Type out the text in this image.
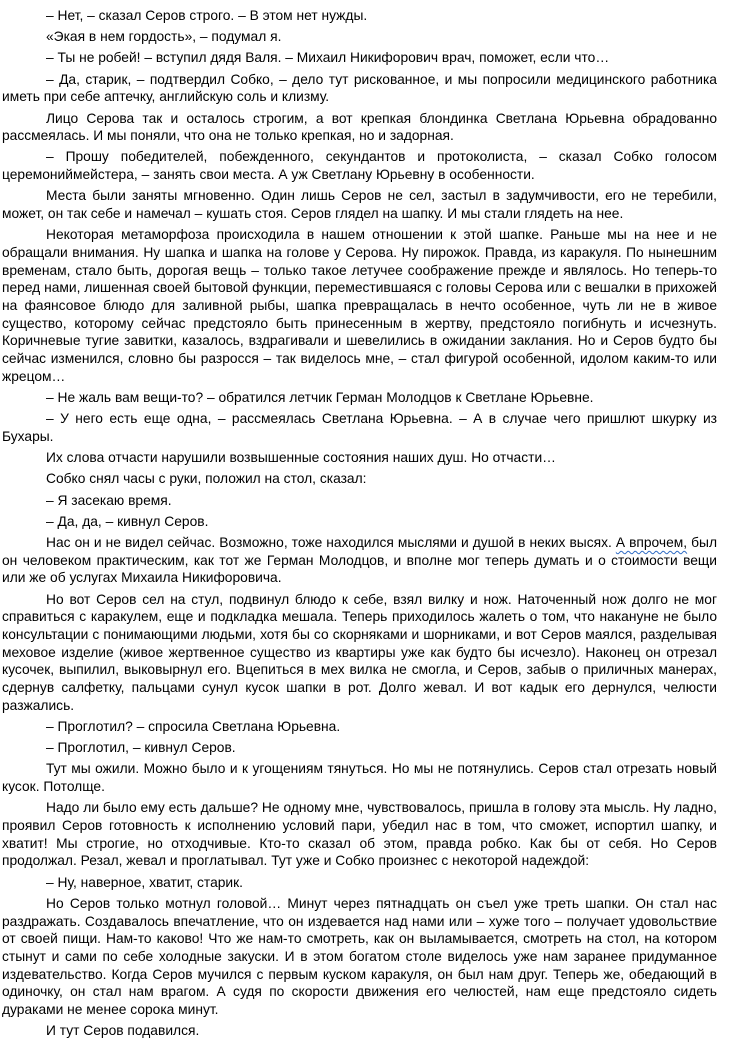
– Нет, – сказал Серов строго. – В этом нет нужды.

«Экая в нем гордость», – подумал я.

– Ты не робей! – вступил дядя Валя. – Михаил Никифорович врач, поможет, если что…

– Да, старик, – подтвердил Собко, – дело тут рискованное, и мы попросили медицинского работника иметь при себе аптечку, английскую соль и клизму.

Лицо Серова так и осталось строгим, а вот крепкая блондинка Светлана Юрьевна обрадованно рассмеялась. И мы поняли, что она не только крепкая, но и задорная.

– Прошу победителей, побежденного, секундантов и протоколиста, – сказал Собко голосом церемониймейстера, – занять свои места. А уж Светлану Юрьевну в особенности.

Места были заняты мгновенно. Один лишь Серов не сел, застыл в задумчивости, его не теребили, может, он так себе и намечал – кушать стоя. Серов глядел на шапку. И мы стали глядеть на нее.

Некоторая метаморфоза происходила в нашем отношении к этой шапке. Раньше мы на нее и не обращали внимания. Ну шапка и шапка на голове у Серова. Ну пирожок. Правда, из каракуля. По нынешним временам, стало быть, дорогая вещь – только такое летучее соображение прежде и являлось. Но теперь-то перед нами, лишенная своей бытовой функции, переместившаяся с головы Серова или с вешалки в прихожей на фаянсовое блюдо для заливной рыбы, шапка превращалась в нечто особенное, чуть ли не в живое существо, которому сейчас предстояло быть принесенным в жертву, предстояло погибнуть и исчезнуть. Коричневые тугие завитки, казалось, вздрагивали и шевелились в ожидании заклания. Но и Серов будто бы сейчас изменился, словно бы разросся – так виделось мне, – стал фигурой особенной, идолом каким-то или жрецом…

– Не жаль вам вещи-то? – обратился летчик Герман Молодцов к Светлане Юрьевне.

– У него есть еще одна, – рассмеялась Светлана Юрьевна. – А в случае чего пришлют шкурку из Бухары.

Их слова отчасти нарушили возвышенные состояния наших душ. Но отчасти…

Собко снял часы с руки, положил на стол, сказал:

– Я засекаю время.

– Да, да, – кивнул Серов.

Нас он и не видел сейчас. Возможно, тоже находился мыслями и душой в неких высях. А впрочем, был он человеком практическим, как тот же Герман Молодцов, и вполне мог теперь думать и о стоимости вещи или же об услугах Михаила Никифоровича.

Но вот Серов сел на стул, подвинул блюдо к себе, взял вилку и нож. Наточенный нож долго не мог справиться с каракулем, еще и подкладка мешала. Теперь приходилось жалеть о том, что накануне не было консультации с понимающими людьми, хотя бы со скорняками и шорниками, и вот Серов маялся, разделывая меховое изделие (живое жертвенное существо из квартиры уже как будто бы исчезло). Наконец он отрезал кусочек, выпилил, выковырнул его. Вцепиться в мех вилка не смогла, и Серов, забыв о приличных манерах, сдернув салфетку, пальцами сунул кусок шапки в рот. Долго жевал. И вот кадык его дернулся, челюсти разжались.

– Проглотил? – спросила Светлана Юрьевна.

– Проглотил, – кивнул Серов.

Тут мы ожили. Можно было и к угощениям тянуться. Но мы не потянулись. Серов стал отрезать новый кусок. Потолще.

Надо ли было ему есть дальше? Не одному мне, чувствовалось, пришла в голову эта мысль. Ну ладно, проявил Серов готовность к исполнению условий пари, убедил нас в том, что сможет, испортил шапку, и хватит! Мы строгие, но отходчивые. Кто-то сказал об этом, правда робко. Как бы от себя. Но Серов продолжал. Резал, жевал и проглатывал. Тут уже и Собко произнес с некоторой надеждой:

– Ну, наверное, хватит, старик.

Но Серов только мотнул головой… Минут через пятнадцать он съел уже треть шапки. Он стал нас раздражать. Создавалось впечатление, что он издевается над нами или – хуже того – получает удовольствие от своей пищи. Нам-то каково! Что же нам-то смотреть, как он выламывается, смотреть на стол, на котором стынут и сами по себе холодные закуски. И в этом богатом столе виделось уже нам заранее придуманное издевательство. Когда Серов мучился с первым куском каракуля, он был нам друг. Теперь же, обедающий в одиночку, он стал нам врагом. А судя по скорости движения его челюстей, нам еще предстояло сидеть дураками не менее сорока минут.

И тут Серов подавился.
